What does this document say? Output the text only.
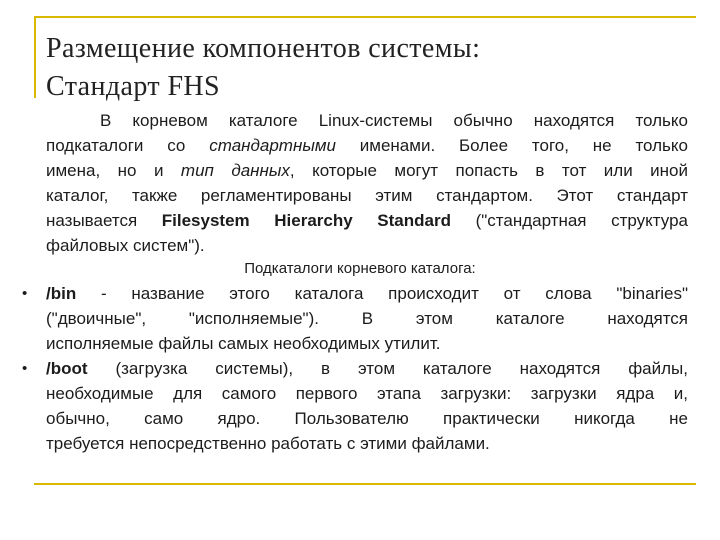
Размещение компонентов системы:
Стандарт FHS
В корневом каталоге Linux-системы обычно находятся только
подкаталоги со стандартными именами. Более того, не только
имена, но и тип данных, которые могут попасть в тот или иной
каталог, также регламентированы этим стандартом. Этот стандарт
называется Filesystem Hierarchy Standard ("стандартная структура
файловых систем").
Подкаталоги корневого каталога:
• /bin - название этого каталога происходит от слова "binaries"
("двоичные", "исполняемые"). В этом каталоге находятся
исполняемые файлы самых необходимых утилит.
• /boot (загрузка системы), в этом каталоге находятся файлы,
необходимые для самого первого этапа загрузки: загрузки ядра и,
обычно, само ядро. Пользователю практически никогда не
требуется непосредственно работать с этими файлами.
